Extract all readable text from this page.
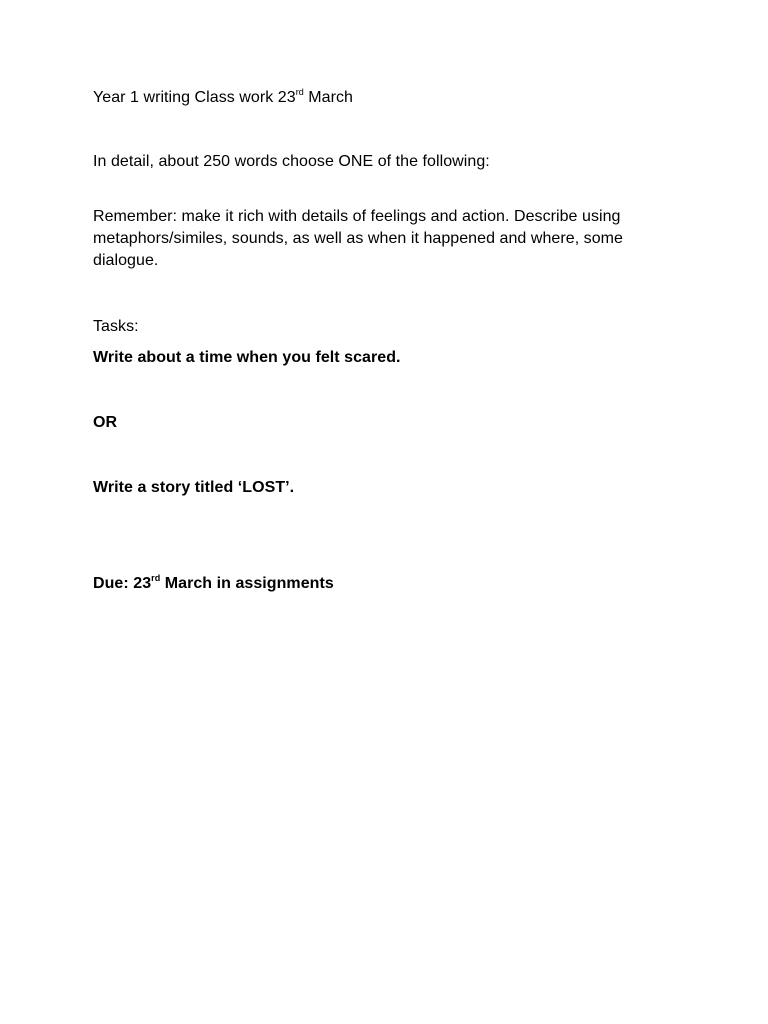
Year 1 writing Class work 23rd March
In detail, about 250 words choose ONE of the following:
Remember: make it rich with details of feelings and action. Describe using metaphors/similes, sounds, as well as when it happened and where, some dialogue.
Tasks:
Write about a time when you felt scared.
OR
Write a story titled ‘LOST’.
Due: 23rd March in assignments
